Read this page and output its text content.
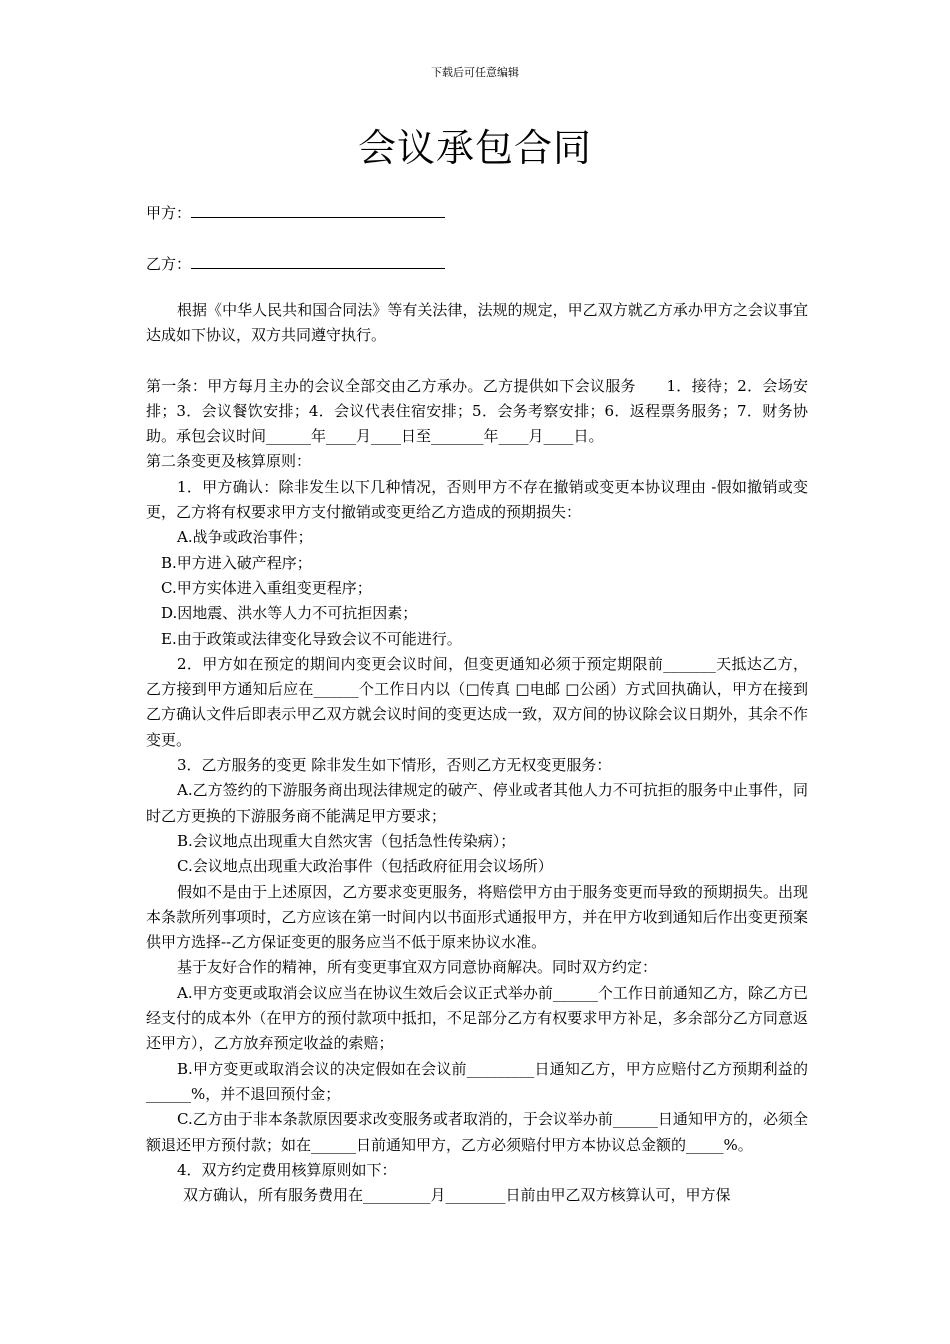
下载后可任意编辑
会议承包合同
甲方：
乙方：

根据《中华人民共和国合同法》等有关法律，法规的规定，甲乙双方就乙方承办甲方之会议事宜达成如下协议，双方共同遵守执行。

第一条：甲方每月主办的会议全部交由乙方承办。乙方提供如下会议服务　　1．接待；2．会场安排；3．会议餐饮安排；4．会议代表住宿安排；5．会务考察安排；6．返程票务服务；7．财务协助。承包会议时间______年____月____日至_______年____月____日。

第二条变更及核算原则：

1．甲方确认：除非发生以下几种情况，否则甲方不存在撤销或变更本协议理由 -假如撤销或变更，乙方将有权要求甲方支付撤销或变更给乙方造成的预期损失：

A.战争或政治事件；

B.甲方进入破产程序；

C.甲方实体进入重组变更程序；

D.因地震、洪水等人力不可抗拒因素；

E.由于政策或法律变化导致会议不可能进行。

2．甲方如在预定的期间内变更会议时间，但变更通知必须于预定期限前_______天抵达乙方，乙方接到甲方通知后应在______个工作日内以（□传真 □电邮 □公函）方式回执确认，甲方在接到乙方确认文件后即表示甲乙双方就会议时间的变更达成一致，双方间的协议除会议日期外，其余不作变更。

3．乙方服务的变更 除非发生如下情形，否则乙方无权变更服务：

A.乙方签约的下游服务商出现法律规定的破产、停业或者其他人力不可抗拒的服务中止事件，同时乙方更换的下游服务商不能满足甲方要求；

B.会议地点出现重大自然灾害（包括急性传染病）；

C.会议地点出现重大政治事件（包括政府征用会议场所）

假如不是由于上述原因，乙方要求变更服务，将赔偿甲方由于服务变更而导致的预期损失。出现本条款所列事项时，乙方应该在第一时间内以书面形式通报甲方，并在甲方收到通知后作出变更预案供甲方选择--乙方保证变更的服务应当不低于原来协议水准。

基于友好合作的精神，所有变更事宜双方同意协商解决。同时双方约定：

A.甲方变更或取消会议应当在协议生效后会议正式举办前______个工作日前通知乙方，除乙方已经支付的成本外（在甲方的预付款项中抵扣，不足部分乙方有权要求甲方补足，多余部分乙方同意返还甲方），乙方放弃预定收益的索赔；

B.甲方变更或取消会议的决定假如在会议前_________日通知乙方，甲方应赔付乙方预期利益的______%，并不退回预付金；

C.乙方由于非本条款原因要求改变服务或者取消的，于会议举办前______日通知甲方的，必须全额退还甲方预付款；如在______日前通知甲方，乙方必须赔付甲方本协议总金额的_____%。

4．双方约定费用核算原则如下：

双方确认，所有服务费用在_________月________日前由甲乙双方核算认可，甲方保
